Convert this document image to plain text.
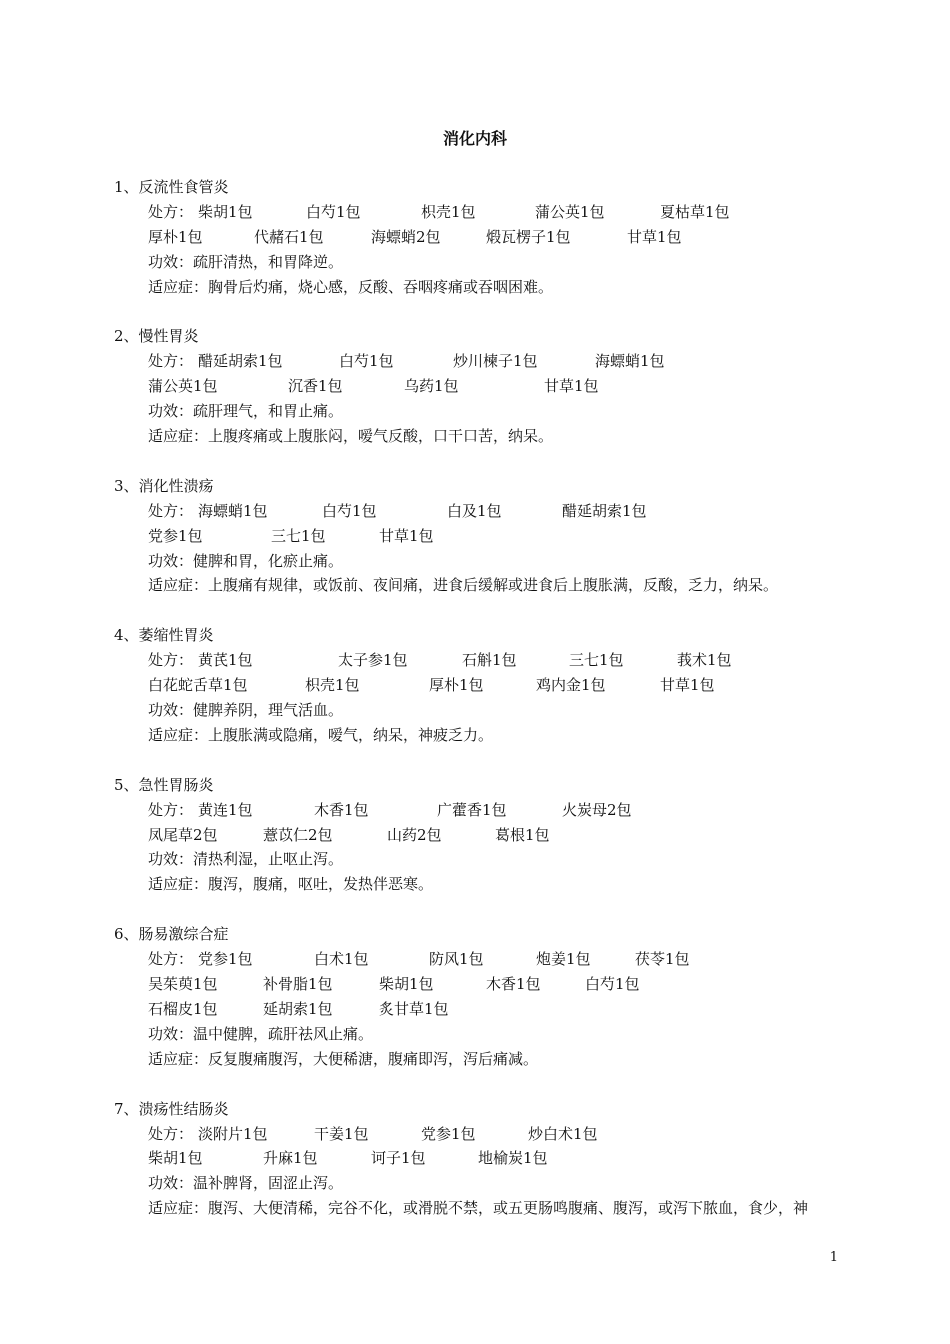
消化内科
1、反流性食管炎
处方： 柴胡1包	白芍1包	枳壳1包	蒲公英1包	夏枯草1包
厚朴1包	代赭石1包	海螵蛸2包	煅瓦楞子1包	甘草1包
功效：疏肝清热，和胃降逆。
适应症：胸骨后灼痛，烧心感，反酸、吞咽疼痛或吞咽困难。
2、慢性胃炎
处方： 醋延胡索1包	白芍1包	炒川楝子1包	海螵蛸1包
蒲公英1包	沉香1包	乌药1包	甘草1包
功效：疏肝理气，和胃止痛。
适应症：上腹疼痛或上腹胀闷，嗳气反酸，口干口苦，纳呆。
3、消化性溃疡
处方： 海螵蛸1包	白芍1包	白及1包	醋延胡索1包
党参1包	三七1包	甘草1包
功效：健脾和胃，化瘀止痛。
适应症：上腹痛有规律，或饭前、夜间痛，进食后缓解或进食后上腹胀满，反酸，乏力，纳呆。
4、萎缩性胃炎
处方： 黄芪1包	太子参1包	石斛1包	三七1包	莪术1包
白花蛇舌草1包	枳壳1包	厚朴1包	鸡内金1包	甘草1包
功效：健脾养阴，理气活血。
适应症：上腹胀满或隐痛，嗳气，纳呆，神疲乏力。
5、急性胃肠炎
处方： 黄连1包	木香1包	广藿香1包	火炭母2包
凤尾草2包	薏苡仁2包	山药2包	葛根1包
功效：清热利湿，止呕止泻。
适应症：腹泻，腹痛，呕吐，发热伴恶寒。
6、肠易激综合症
处方： 党参1包	白术1包	防风1包	炮姜1包	茯苓1包
吴茱萸1包	补骨脂1包	柴胡1包	木香1包	白芍1包
石榴皮1包	延胡索1包	炙甘草1包
功效：温中健脾，疏肝祛风止痛。
适应症：反复腹痛腹泻，大便稀溏，腹痛即泻，泻后痛减。
7、溃疡性结肠炎
处方： 淡附片1包	干姜1包	党参1包	炒白术1包
柴胡1包	升麻1包	诃子1包	地榆炭1包
功效：温补脾肾，固涩止泻。
适应症：腹泻、大便清稀，完谷不化，或滑脱不禁，或五更肠鸣腹痛、腹泻，或泻下脓血，食少，神
1
